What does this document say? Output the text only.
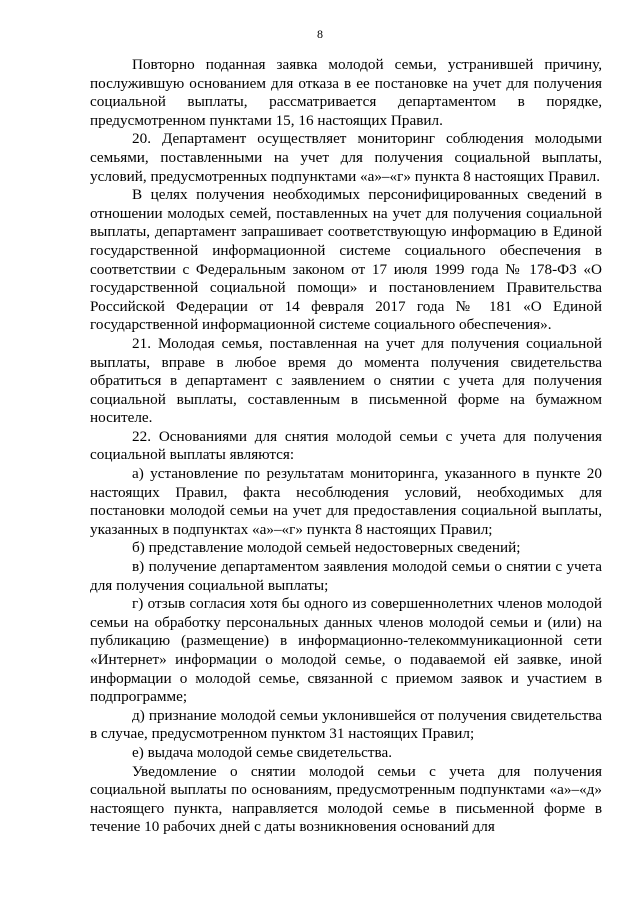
8

Повторно поданная заявка молодой семьи, устранившей причину, послужившую основанием для отказа в ее постановке на учет для получения социальной выплаты, рассматривается департаментом в порядке, предусмотренном пунктами 15, 16 настоящих Правил.

20. Департамент осуществляет мониторинг соблюдения молодыми семьями, поставленными на учет для получения социальной выплаты, условий, предусмотренных подпунктами «а»–«г» пункта 8 настоящих Правил.

В целях получения необходимых персонифицированных сведений в отношении молодых семей, поставленных на учет для получения социальной выплаты, департамент запрашивает соответствующую информацию в Единой государственной информационной системе социального обеспечения в соответствии с Федеральным законом от 17 июля 1999 года № 178-ФЗ «О государственной социальной помощи» и постановлением Правительства Российской Федерации от 14 февраля 2017 года № 181 «О Единой государственной информационной системе социального обеспечения».

21. Молодая семья, поставленная на учет для получения социальной выплаты, вправе в любое время до момента получения свидетельства обратиться в департамент с заявлением о снятии с учета для получения социальной выплаты, составленным в письменной форме на бумажном носителе.

22. Основаниями для снятия молодой семьи с учета для получения социальной выплаты являются:

а) установление по результатам мониторинга, указанного в пункте 20 настоящих Правил, факта несоблюдения условий, необходимых для постановки молодой семьи на учет для предоставления социальной выплаты, указанных в подпунктах «а»–«г» пункта 8 настоящих Правил;

б) представление молодой семьей недостоверных сведений;

в) получение департаментом заявления молодой семьи о снятии с учета для получения социальной выплаты;

г) отзыв согласия хотя бы одного из совершеннолетних членов молодой семьи на обработку персональных данных членов молодой семьи и (или) на публикацию (размещение) в информационно-телекоммуникационной сети «Интернет» информации о молодой семье, о подаваемой ей заявке, иной информации о молодой семье, связанной с приемом заявок и участием в подпрограмме;

д) признание молодой семьи уклонившейся от получения свидетельства в случае, предусмотренном пунктом 31 настоящих Правил;

е) выдача молодой семье свидетельства.

Уведомление о снятии молодой семьи с учета для получения социальной выплаты по основаниям, предусмотренным подпунктами «а»–«д» настоящего пункта, направляется молодой семье в письменной форме в течение 10 рабочих дней с даты возникновения оснований для
